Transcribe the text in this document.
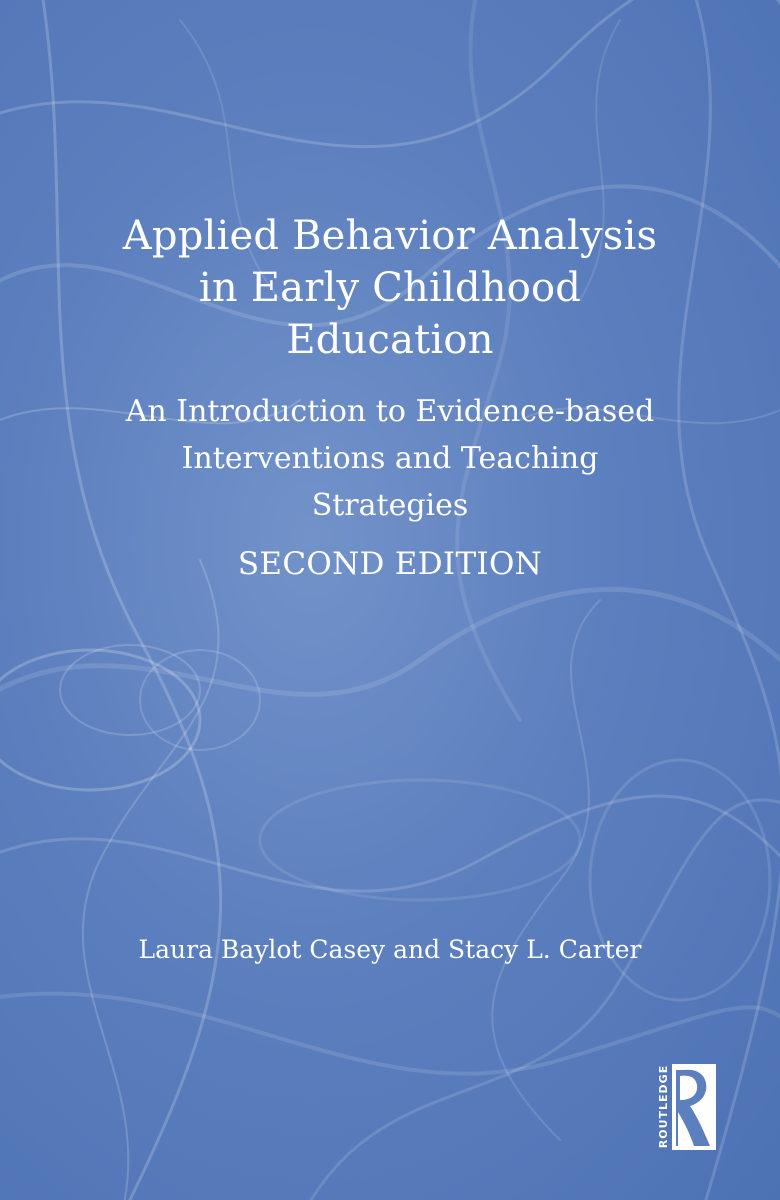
Applied Behavior Analysis
in Early Childhood
Education
An Introduction to Evidence-based
Interventions and Teaching
Strategies
SECOND EDITION
Laura Baylot Casey and Stacy L. Carter
ROUTLEDGE
